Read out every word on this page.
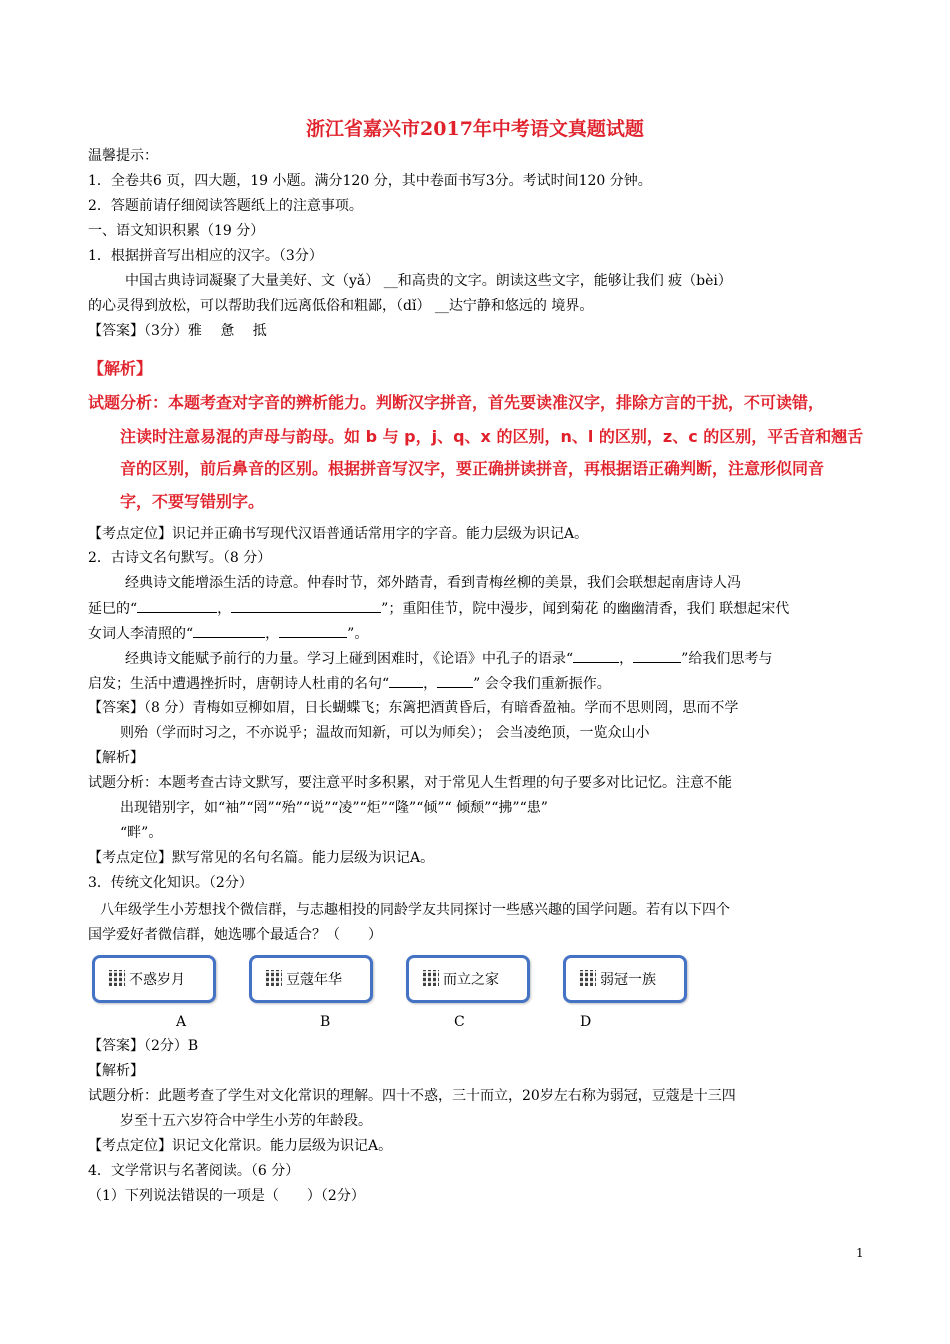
浙江省嘉兴市2017年中考语文真题试题
温馨提示：
1．全卷共6 页，四大题，19 小题。满分120 分，其中卷面书写3分。考试时间120 分钟。
2．答题前请仔细阅读答题纸上的注意事项。
一、语文知识积累（19 分）
1．根据拼音写出相应的汉字。（3分）
中国古典诗词凝聚了大量美好、文（yǎ） __和高贵的文字。朗读这些文字，能够让我们 疲（bèi）
的心灵得到放松，可以帮助我们远离低俗和粗鄙，（dǐ） __达宁静和悠远的 境界。
【答案】（3分）雅　 惫　 抵
【解析】
试题分析：本题考查对字音的辨析能力。判断汉字拼音，首先要读准汉字，排除方言的干扰，不可读错，
注读时注意易混的声母与韵母。如 b 与 p，j、q、x 的区别，n、l 的区别，z、c 的区别，平舌音和翘舌
音的区别，前后鼻音的区别。根据拼音写汉字，要正确拼读拼音，再根据语正确判断，注意形似同音
字，不要写错别字。
【考点定位】识记并正确书写现代汉语普通话常用字的字音。能力层级为识记A。
2．古诗文名句默写。（8 分）
经典诗文能增添生活的诗意。仲春时节，郊外踏青，看到青梅丝柳的美景，我们会联想起南唐诗人冯
延巳的“	，	”；重阳佳节，院中漫步，闻到菊花 的幽幽清香，我们 联想起宋代
女词人李清照的“	，	”。
经典诗文能赋予前行的力量。学习上碰到困难时，《论语》中孔子的语录“	，	”给我们思考与
启发；生活中遭遇挫折时，唐朝诗人杜甫的名句“ ，	” 会令我们重新振作。
【答案】（8 分）青梅如豆柳如眉，日长蝴蝶飞；东篱把酒黄昏后，有暗香盈袖。学而不思则罔，思而不学
则殆（学而时习之，不亦说乎；温故而知新，可以为师矣）； 会当凌绝顶，一览众山小
【解析】
试题分析：本题考查古诗文默写，要注意平时多积累，对于常见人生哲理的句子要多对比记忆。注意不能
出现错别字，如“袖”“罔”“殆”“说”“凌”“炬”“隆”“倾”“ 倾颓”“拂”“患”
“畔”。
【考点定位】默写常见的名句名篇。能力层级为识记A。
3．传统文化知识。（2分）
八年级学生小芳想找个微信群，与志趣相投的同龄学友共同探讨一些感兴趣的国学问题。若有以下四个
国学爱好者微信群，她选哪个最适合？（　　）
不惑岁月	豆蔻年华	而立之家	弱冠一族
A	B	C	D
【答案】（2分）B
【解析】
试题分析：此题考查了学生对文化常识的理解。四十不惑，三十而立，20岁左右称为弱冠，豆蔻是十三四
岁至十五六岁符合中学生小芳的年龄段。
【考点定位】识记文化常识。能力层级为识记A。
4．文学常识与名著阅读。（6 分）
（1）下列说法错误的一项是（　　）（2分）
1
